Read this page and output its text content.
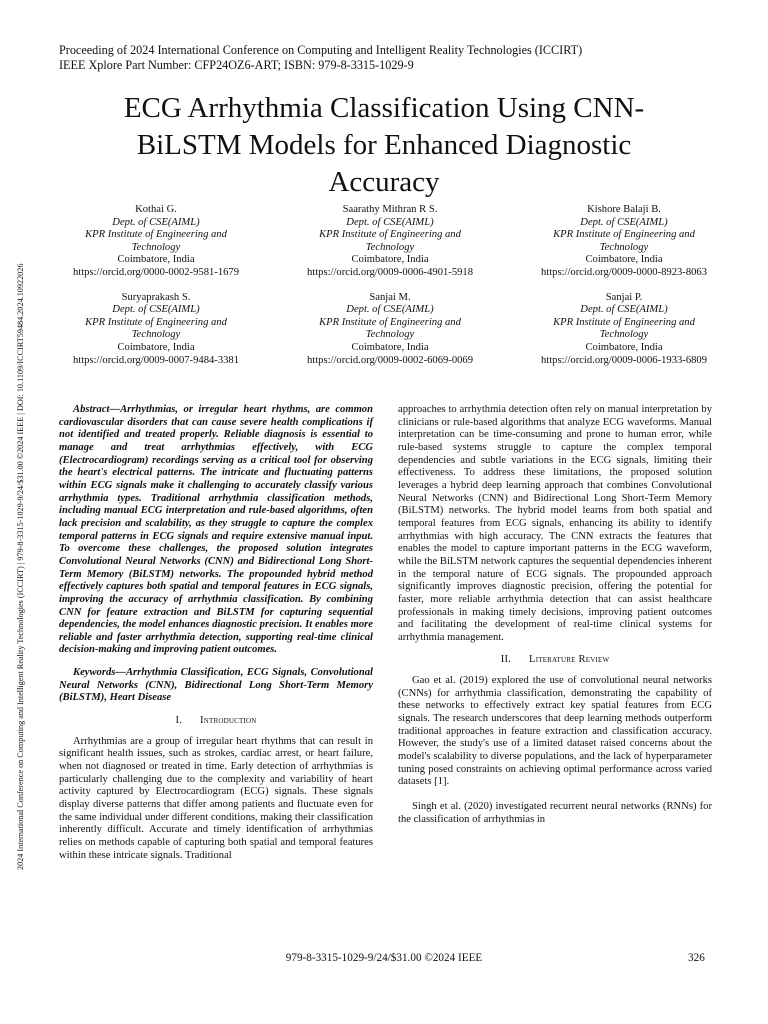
Proceeding of 2024 International Conference on Computing and Intelligent Reality Technologies (ICCIRT)
IEEE Xplore Part Number: CFP24OZ6-ART; ISBN: 979-8-3315-1029-9
ECG Arrhythmia Classification Using CNN-
BiLSTM Models for Enhanced Diagnostic
Accuracy
Kothai G.
Dept. of CSE(AIML)
KPR Institute of Engineering and
Technology
Coimbatore, India
https://orcid.org/0000-0002-9581-1679
Saarathy Mithran R S.
Dept. of CSE(AIML)
KPR Institute of Engineering and
Technology
Coimbatore, India
https://orcid.org/0009-0006-4901-5918
Kishore Balaji B.
Dept. of CSE(AIML)
KPR Institute of Engineering and
Technology
Coimbatore, India
https://orcid.org/0009-0000-8923-8063
Suryaprakash S.
Dept. of CSE(AIML)
KPR Institute of Engineering and
Technology
Coimbatore, India
https://orcid.org/0009-0007-9484-3381
Sanjai M.
Dept. of CSE(AIML)
KPR Institute of Engineering and
Technology
Coimbatore, India
https://orcid.org/0009-0002-6069-0069
Sanjai P.
Dept. of CSE(AIML)
KPR Institute of Engineering and
Technology
Coimbatore, India
https://orcid.org/0009-0006-1933-6809

Abstract—Arrhythmias, or irregular heart rhythms, are common cardiovascular disorders that can cause severe health complications if not identified and treated properly. Reliable diagnosis is essential to manage and treat arrhythmias effectively, with ECG (Electrocardiogram) recordings serving as a critical tool for observing the heart's electrical patterns. The intricate and fluctuating patterns within ECG signals make it challenging to accurately classify various arrhythmia types. Traditional arrhythmia classification methods, including manual ECG interpretation and rule-based algorithms, often lack precision and scalability, as they struggle to capture the complex temporal patterns in ECG signals and require extensive manual input. To overcome these challenges, the proposed solution integrates Convolutional Neural Networks (CNN) and Bidirectional Long Short-Term Memory (BiLSTM) networks. The propounded hybrid method effectively captures both spatial and temporal features in ECG signals, improving the accuracy of arrhythmia classification. By combining CNN for feature extraction and BiLSTM for capturing sequential dependencies, the model enhances diagnostic precision. It enables more reliable and faster arrhythmia detection, supporting real-time clinical decision-making and improving patient outcomes.

Keywords—Arrhythmia Classification, ECG Signals, Convolutional Neural Networks (CNN), Bidirectional Long Short-Term Memory (BiLSTM), Heart Disease

I. Introduction

Arrhythmias are a group of irregular heart rhythms that can result in significant health issues, such as strokes, cardiac arrest, or heart failure, when not diagnosed or treated in time. Early detection of arrhythmias is particularly challenging due to the complexity and variability of heart activity captured by Electrocardiogram (ECG) signals. These signals display diverse patterns that differ among patients and fluctuate even for the same individual under different conditions, making their classification inherently difficult. Accurate and timely identification of arrhythmias relies on methods capable of capturing both spatial and temporal features within these intricate signals. Traditional

approaches to arrhythmia detection often rely on manual interpretation by clinicians or rule-based algorithms that analyze ECG waveforms. Manual interpretation can be time-consuming and prone to human error, while rule-based systems struggle to capture the complex temporal dependencies and subtle variations in the ECG signals, limiting their effectiveness. To address these limitations, the proposed solution leverages a hybrid deep learning approach that combines Convolutional Neural Networks (CNN) and Bidirectional Long Short-Term Memory (BiLSTM) networks. The hybrid model learns from both spatial and temporal features from ECG signals, enhancing its ability to identify arrhythmias with high accuracy. The CNN extracts the features that enables the model to capture important patterns in the ECG waveform, while the BiLSTM network captures the sequential dependencies inherent in the temporal nature of ECG signals. The propounded approach significantly improves diagnostic precision, offering the potential for faster, more reliable arrhythmia detection that can assist healthcare professionals in making timely decisions, improving patient outcomes and facilitating the development of real-time clinical systems for arrhythmia management.

II. Literature Review

Gao et al. (2019) explored the use of convolutional neural networks (CNNs) for arrhythmia classification, demonstrating the capability of these networks to effectively extract key spatial features from ECG signals. The research underscores that deep learning methods outperform traditional approaches in feature extraction and classification accuracy. However, the study's use of a limited dataset raised concerns about the model's scalability to diverse populations, and the lack of hyperparameter tuning posed constraints on achieving optimal performance across varied datasets [1].

Singh et al. (2020) investigated recurrent neural networks (RNNs) for the classification of arrhythmias in

2024 International Conference on Computing and Intelligent Reality Technologies (ICCIRT) | 979-8-3315-1029-9/24/$31.00 ©2024 IEEE | DOI: 10.1109/ICCIRT59484.2024.10922026
979-8-3315-1029-9/24/$31.00 ©2024 IEEE	326
